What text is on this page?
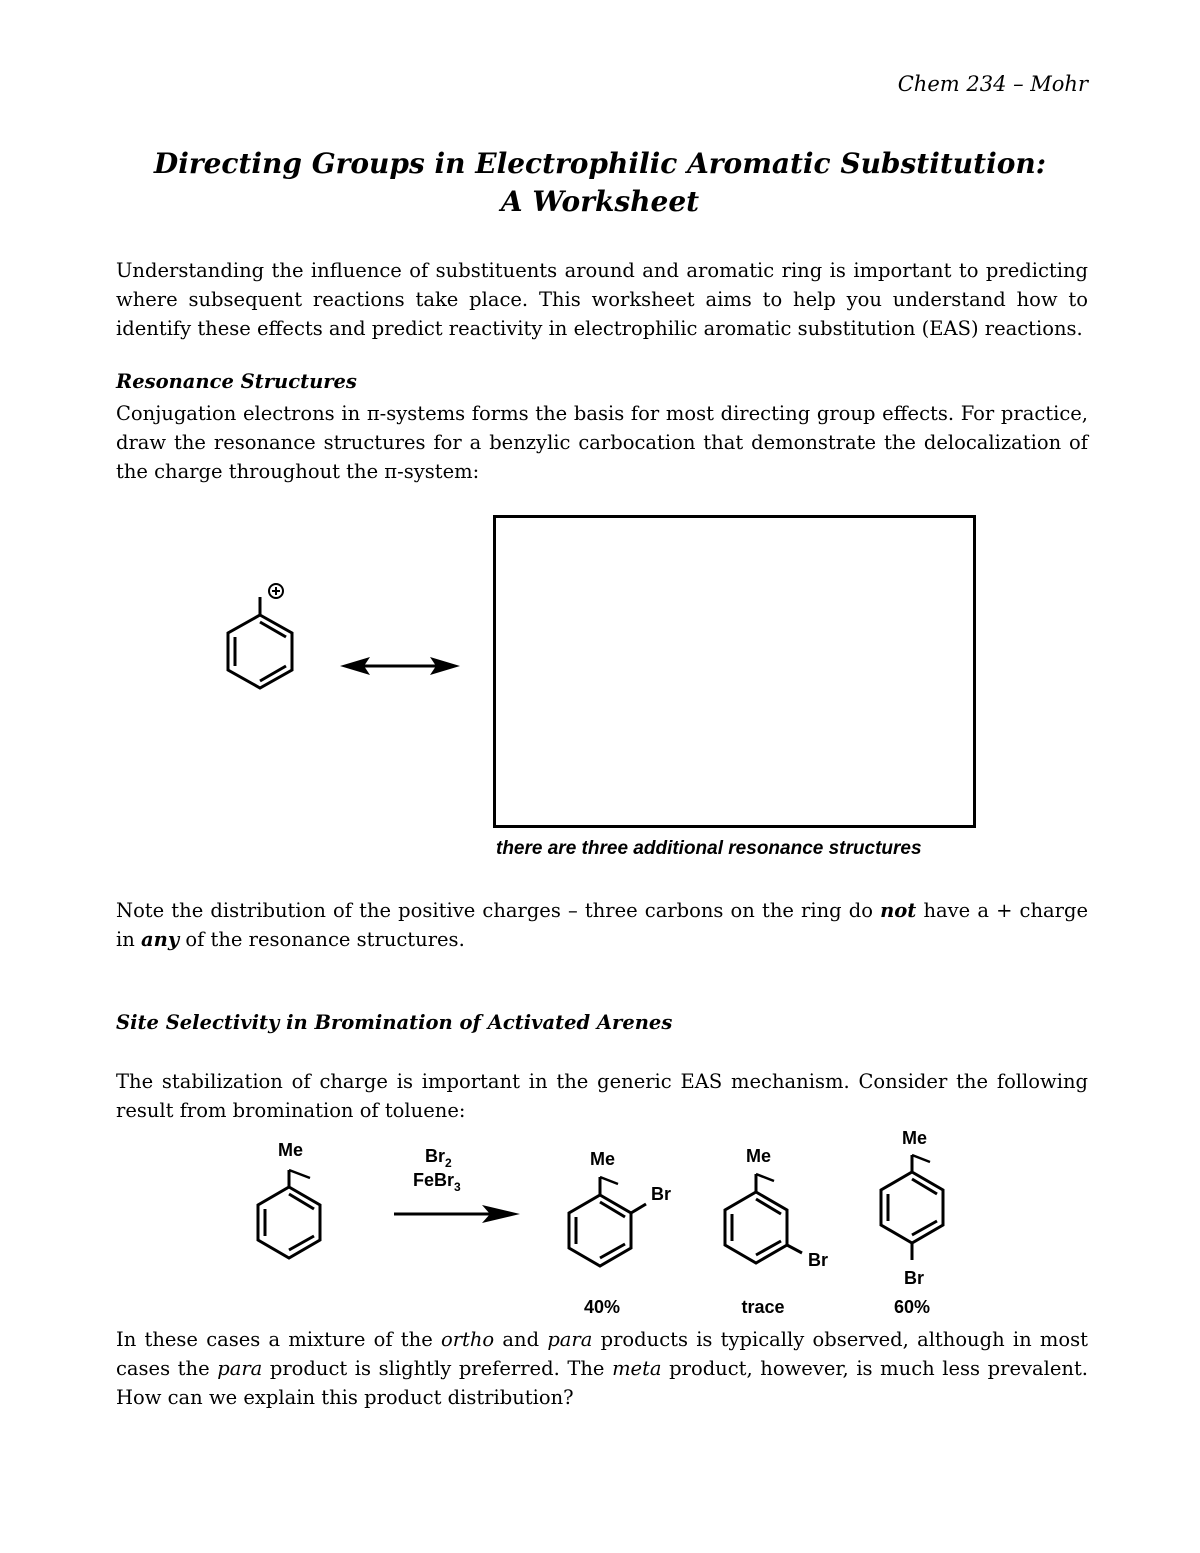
Chem 234 – Mohr
Directing Groups in Electrophilic Aromatic Substitution:
A Worksheet
Understanding the influence of substituents around and aromatic ring is important to predicting where subsequent reactions take place. This worksheet aims to help you understand how to identify these effects and predict reactivity in electrophilic aromatic substitution (EAS) reactions.
Resonance Structures
Conjugation electrons in π-systems forms the basis for most directing group effects. For practice, draw the resonance structures for a benzylic carbocation that demonstrate the delocalization of the charge throughout the π-system:
there are three additional resonance structures
Note the distribution of the positive charges – three carbons on the ring do not have a + charge in any of the resonance structures.
Site Selectivity in Bromination of Activated Arenes
The stabilization of charge is important in the generic EAS mechanism. Consider the following result from bromination of toluene:
Me	$Br_2$
FeBr$_3$
Me
Br
Me
Br
Me
Br
40%	trace	60%
In these cases a mixture of the ortho and para products is typically observed, although in most cases the para product is slightly preferred. The meta product, however, is much less prevalent. How can we explain this product distribution?
